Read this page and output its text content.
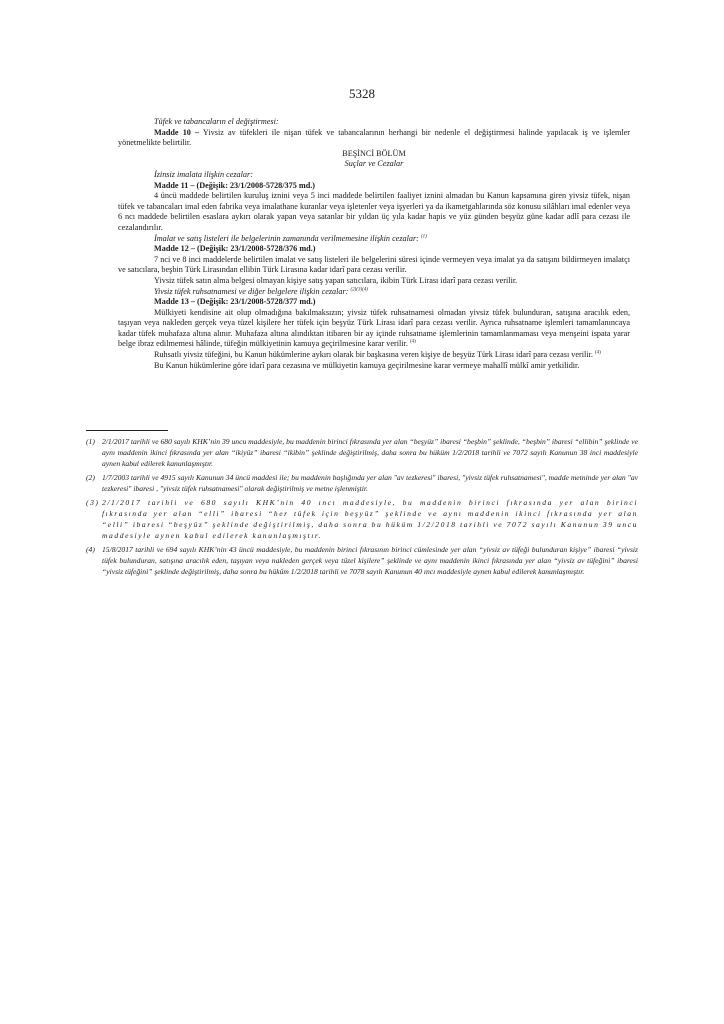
5328

Tüfek ve tabancaların el değiştirmesi:

Madde 10 – Yivsiz av tüfekleri ile nişan tüfek ve tabancalarının herhangi bir nedenle el değiştirmesi halinde yapılacak iş ve işlemler yönetmelikte belirtilir.

BEŞİNCİ BÖLÜM

Suçlar ve Cezalar

İzinsiz imalata ilişkin cezalar:

Madde 11 – (Değişik: 23/1/2008-5728/375 md.)

4 üncü maddede belirtilen kuruluş iznini veya 5 inci maddede belirtilen faaliyet iznini almadan bu Kanun kapsamına giren yivsiz tüfek, nişan tüfek ve tabancaları imal eden fabrika veya imalathane kuranlar veya işletenler veya işyerleri ya da ikametgahlarında söz konusu silâhları imal edenler veya 6 ncı maddede belirtilen esaslara aykırı olarak yapan veya satanlar bir yıldan üç yıla kadar hapis ve yüz günden beşyüz güne kadar adlî para cezası ile cezalandırılır.

İmalat ve satış listeleri ile belgelerinin zamanında verilmemesine ilişkin cezalar: $^{(1)}$

Madde 12 – (Değişik: 23/1/2008-5728/376 md.)

7 nci ve 8 inci maddelerde belirtilen imalat ve satış listeleri ile belgelerini süresi içinde vermeyen veya imalat ya da satışını bildirmeyen imalatçı ve satıcılara, beşbin Türk Lirasından ellibin Türk Lirasına kadar idarî para cezası verilir.

Yivsiz tüfek satın alma belgesi olmayan kişiye satış yapan satıcılara, ikibin Türk Lirası idarî para cezası verilir.

Yivsiz tüfek ruhsatnamesi ve diğer belgelere ilişkin cezalar: $^{(2)(3)(4)}$

Madde 13 – (Değişik: 23/1/2008-5728/377 md.)

Mülkiyeti kendisine ait olup olmadığına bakılmaksızın; yivsiz tüfek ruhsatnamesi olmadan yivsiz tüfek bulunduran, satışına aracılık eden, taşıyan veya nakleden gerçek veya tüzel kişilere her tüfek için beşyüz Türk Lirası idarî para cezası verilir. Ayrıca ruhsatname işlemleri tamamlanıncaya kadar tüfek muhafaza altına alınır. Muhafaza altına alındıktan itibaren bir ay içinde ruhsatname işlemlerinin tamamlanmaması veya menşeini ispata yarar belge ibraz edilmemesi hâlinde, tüfeğin mülkiyetinin kamuya geçirilmesine karar verilir. $^{(4)}$

Ruhsatlı yivsiz tüfeğini, bu Kanun hükümlerine aykırı olarak bir başkasına veren kişiye de beşyüz Türk Lirası idarî para cezası verilir. $^{(4)}$

Bu Kanun hükümlerine göre idarî para cezasına ve mülkiyetin kamuya geçirilmesine karar vermeye mahallî mülkî amir yetkilidir.

(1) 2/1/2017 tarihli ve 680 sayılı KHK’nin 39 uncu maddesiyle, bu maddenin birinci fıkrasında yer alan “beşyüz” ibaresi “beşbin” şeklinde, “beşbin” ibaresi “ellibin” şeklinde ve aynı maddenin ikinci fıkrasında yer alan “ikiyüz” ibaresi “ikibin” şeklinde değiştirilmiş, daha sonra bu hüküm 1/2/2018 tarihli ve 7072 sayılı Kanunun 38 inci maddesiyle aynen kabul edilerek kanunlaşmıştır.
(2) 1/7/2003 tarihli ve 4915 sayılı Kanunun 34 üncü maddesi ile; bu maddenin başlığında yer alan "av tezkeresi" ibaresi, "yivsiz tüfek ruhsatnamesi", madde metninde yer alan "av tezkeresi" ibaresi , "yivsiz tüfek ruhsatnamesi" olarak değiştirilmiş ve metne işlenmiştir.
(3) 2/1/2017 tarihli ve 680 sayılı KHK’nin 40 ıncı maddesiyle, bu maddenin birinci fıkrasında yer alan birinci fıkrasında yer alan “elli” ibaresi “her tüfek için beşyüz” şeklinde ve aynı maddenin ikinci fıkrasında yer alan “elli” ibaresi “beşyüz” şeklinde değiştirilmiş, daha sonra bu hüküm 1/2/2018 tarihli ve 7072 sayılı Kanunun 39 uncu maddesiyle aynen kabul edilerek kanunlaşmıştır.
(4) 15/8/2017 tarihli ve 694 sayılı KHK’nin 43 üncü maddesiyle, bu maddenin birinci fıkrasının birinci cümlesinde yer alan “yivsiz av tüfeği bulunduran kişiye” ibaresi “yivsiz tüfek bulunduran, satışına aracılık eden, taşıyan veya nakleden gerçek veya tüzel kişilere” şeklinde ve aynı maddenin ikinci fıkrasında yer alan “yivsiz av tüfeğini” ibaresi “yivsiz tüfeğini” şeklinde değiştirilmiş, daha sonra bu hüküm 1/2/2018 tarihli ve 7078 sayılı Kanunun 40 ıncı maddesiyle aynen kabul edilerek kanunlaşmıştır.
